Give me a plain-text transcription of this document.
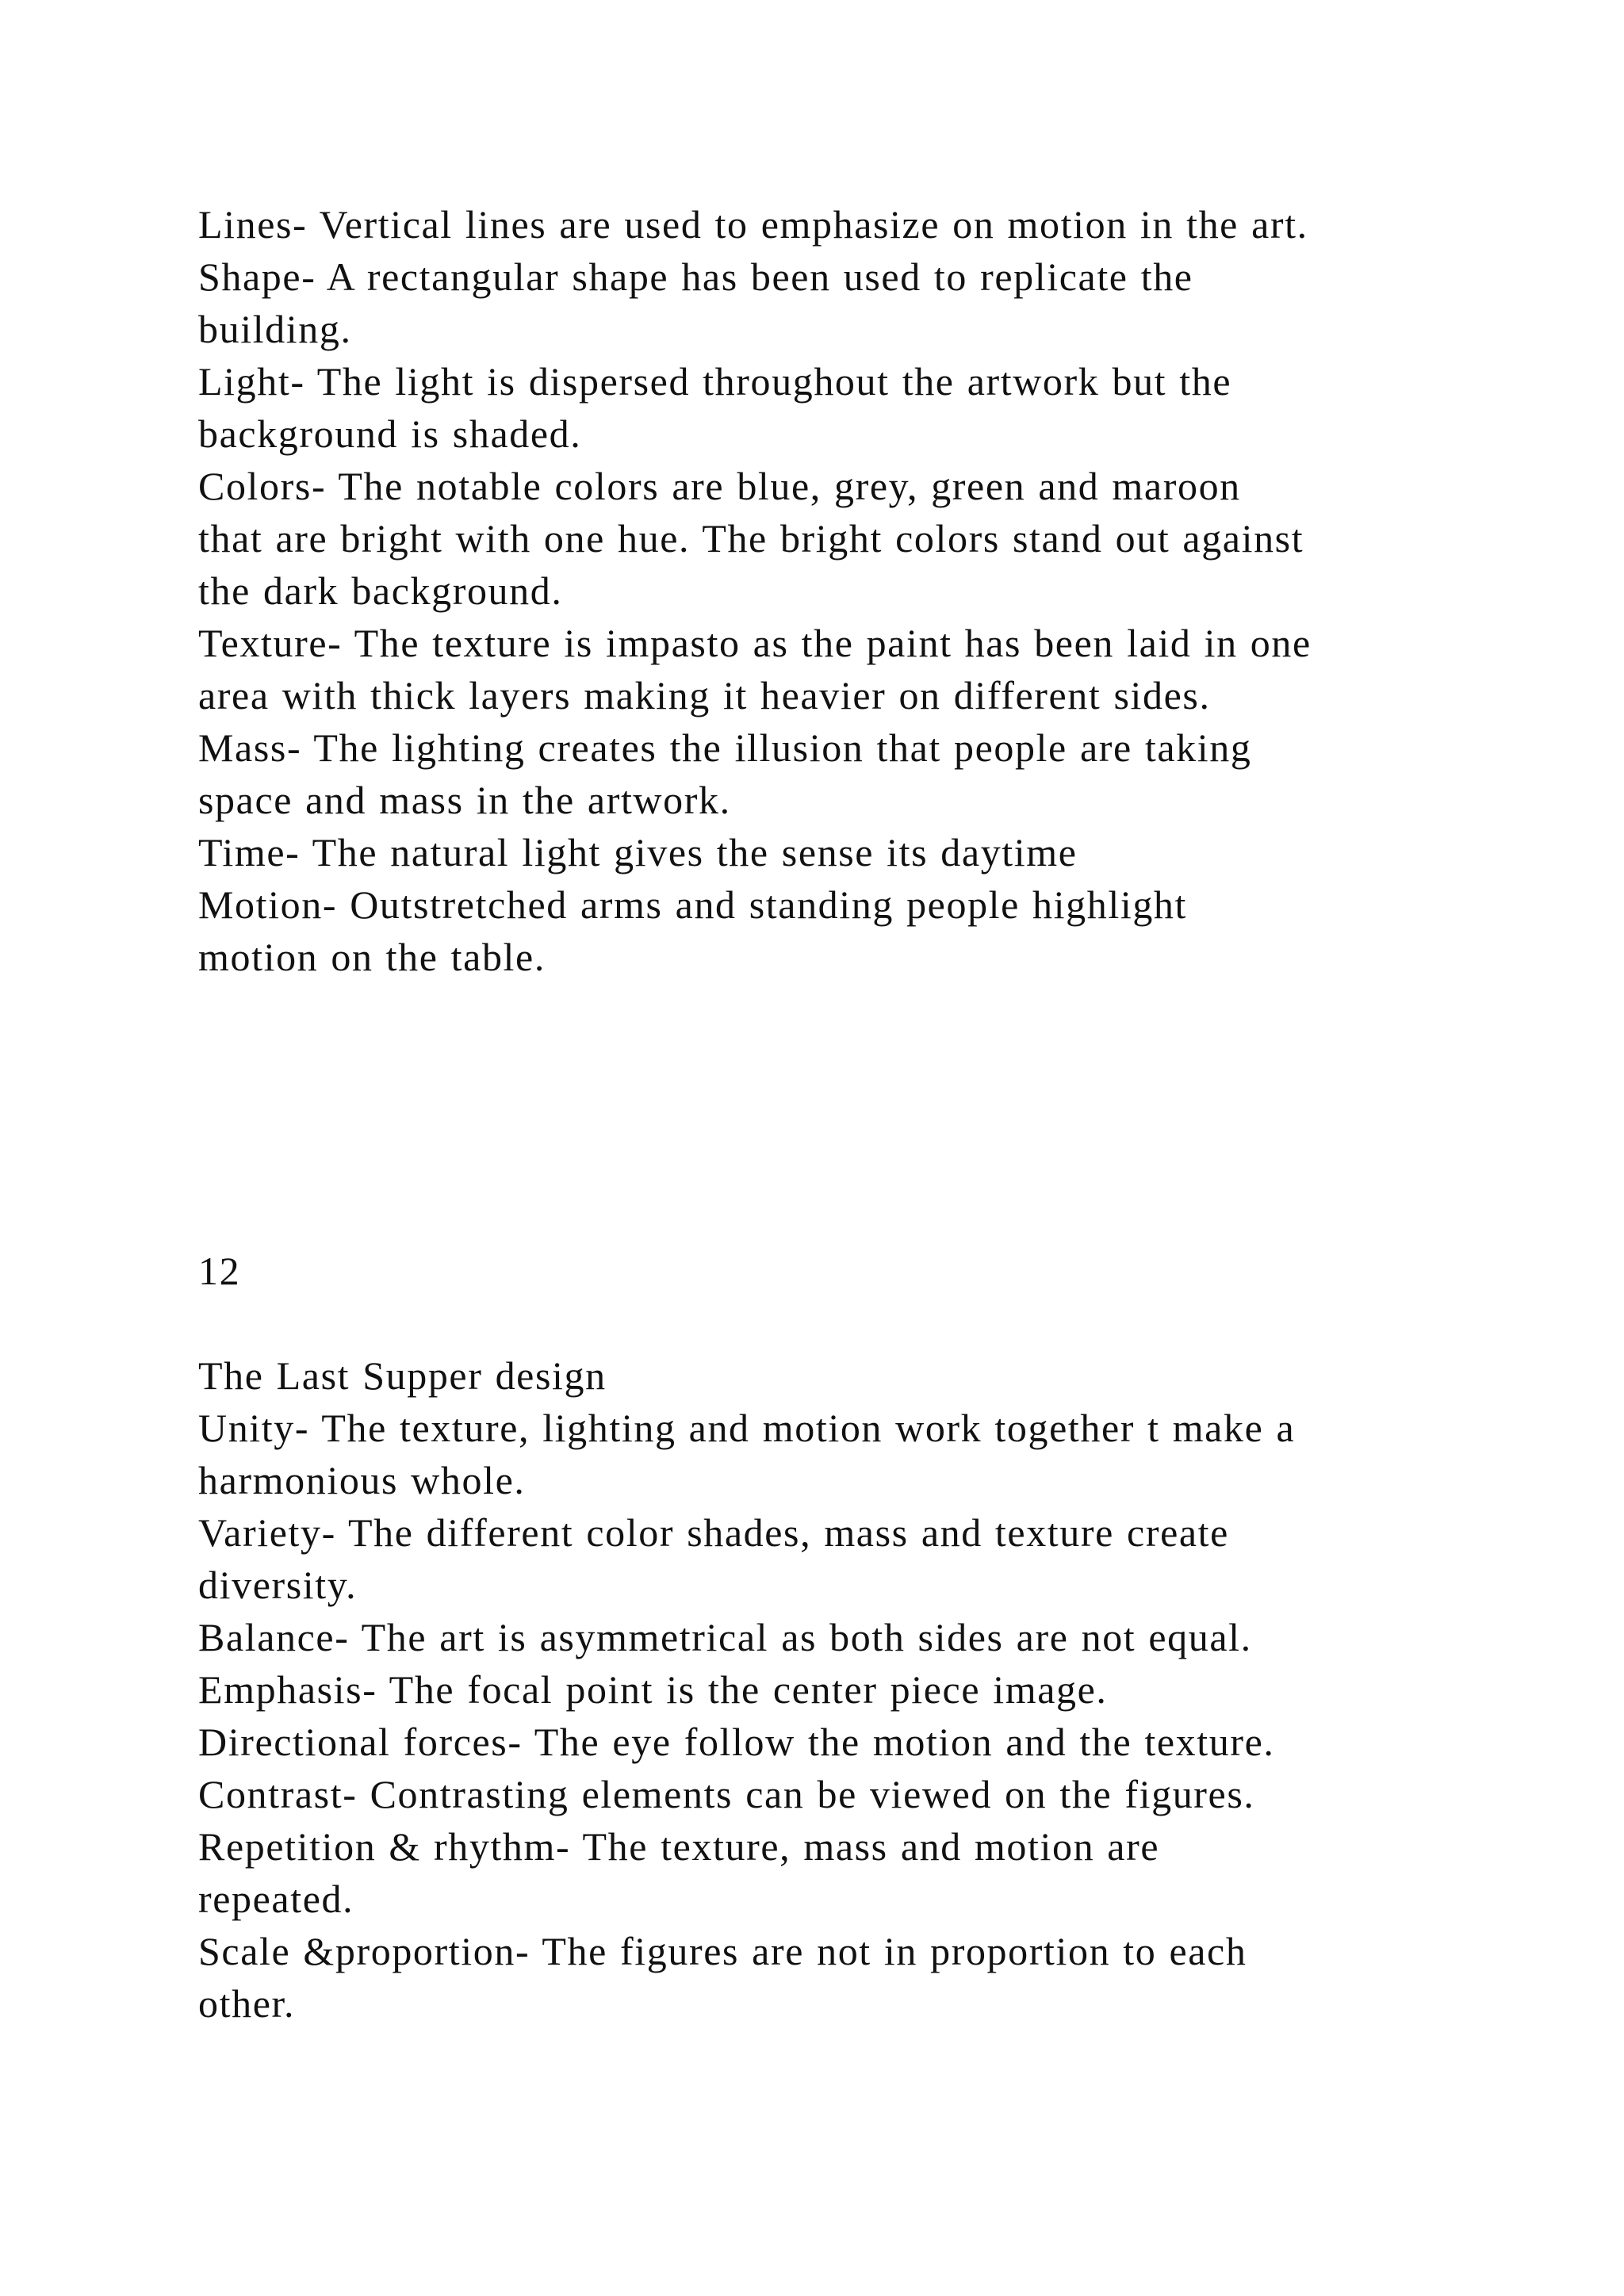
Lines- Vertical lines are used to emphasize on motion in the art.
Shape- A rectangular shape has been used to replicate the
building.
Light- The light is dispersed throughout the artwork but the
background is shaded.
Colors- The notable colors are blue, grey, green and maroon
that are bright with one hue. The bright colors stand out against
the dark background.
Texture- The texture is impasto as the paint has been laid in one
area with thick layers making it heavier on different sides.
Mass- The lighting creates the illusion that people are taking
space and mass in the artwork.
Time- The natural light gives the sense its daytime
Motion- Outstretched arms and standing people highlight
motion on the table.
12
The Last Supper design
Unity- The texture, lighting and motion work together t make a
harmonious whole.
Variety- The different color shades, mass and texture create
diversity.
Balance- The art is asymmetrical as both sides are not equal.
Emphasis- The focal point is the center piece image.
Directional forces- The eye follow the motion and the texture.
Contrast- Contrasting elements can be viewed on the figures.
Repetition & rhythm- The texture, mass and motion are
repeated.
Scale &proportion- The figures are not in proportion to each
other.
